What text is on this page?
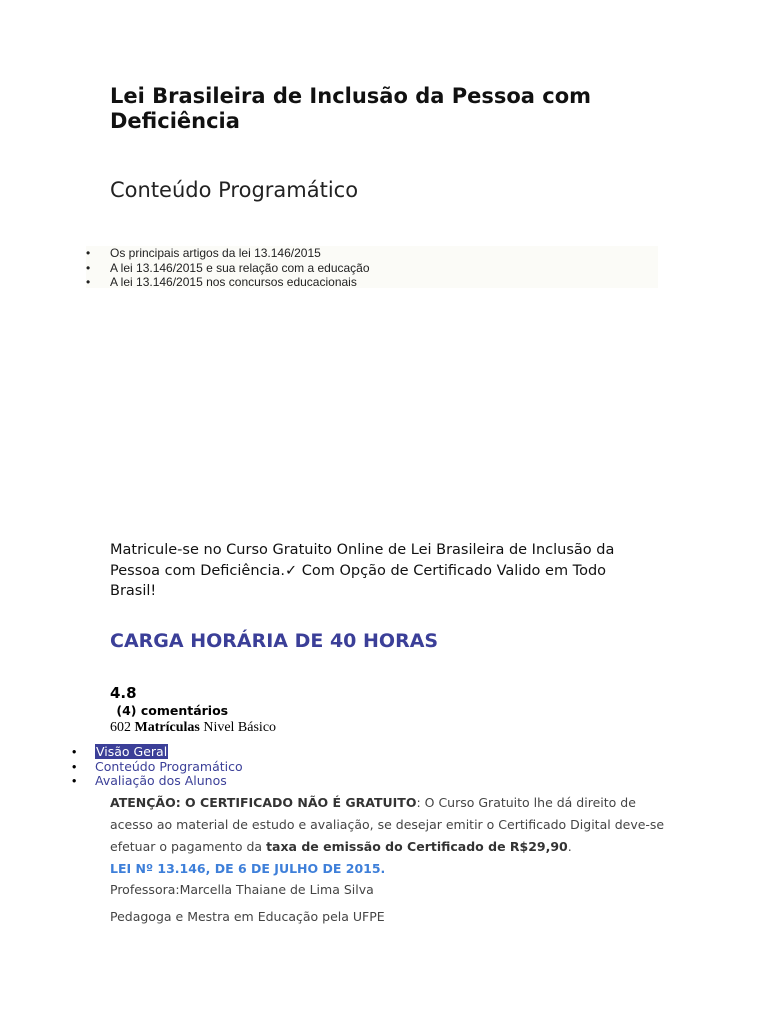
Lei Brasileira de Inclusão da Pessoa com Deficiência
Conteúdo Programático
• Os principais artigos da lei 13.146/2015
• A lei 13.146/2015 e sua relação com a educação
• A lei 13.146/2015 nos concursos educacionais

Matricule-se no Curso Gratuito Online de Lei Brasileira de Inclusão da Pessoa com Deficiência.✓ Com Opção de Certificado Valido em Todo Brasil!

CARGA HORÁRIA DE 40 HORAS
4.8
(4) comentários
602 Matrículas Nivel Básico
• Visão Geral
• Conteúdo Programático
• Avaliação dos Alunos

ATENÇÃO: O CERTIFICADO NÃO É GRATUITO: O Curso Gratuito lhe dá direito de acesso ao material de estudo e avaliação, se desejar emitir o Certificado Digital deve-se efetuar o pagamento da taxa de emissão do Certificado de R$29,90.

LEI Nº 13.146, DE 6 DE JULHO DE 2015.
Professora:Marcella Thaiane de Lima Silva
Pedagoga e Mestra em Educação pela UFPE
